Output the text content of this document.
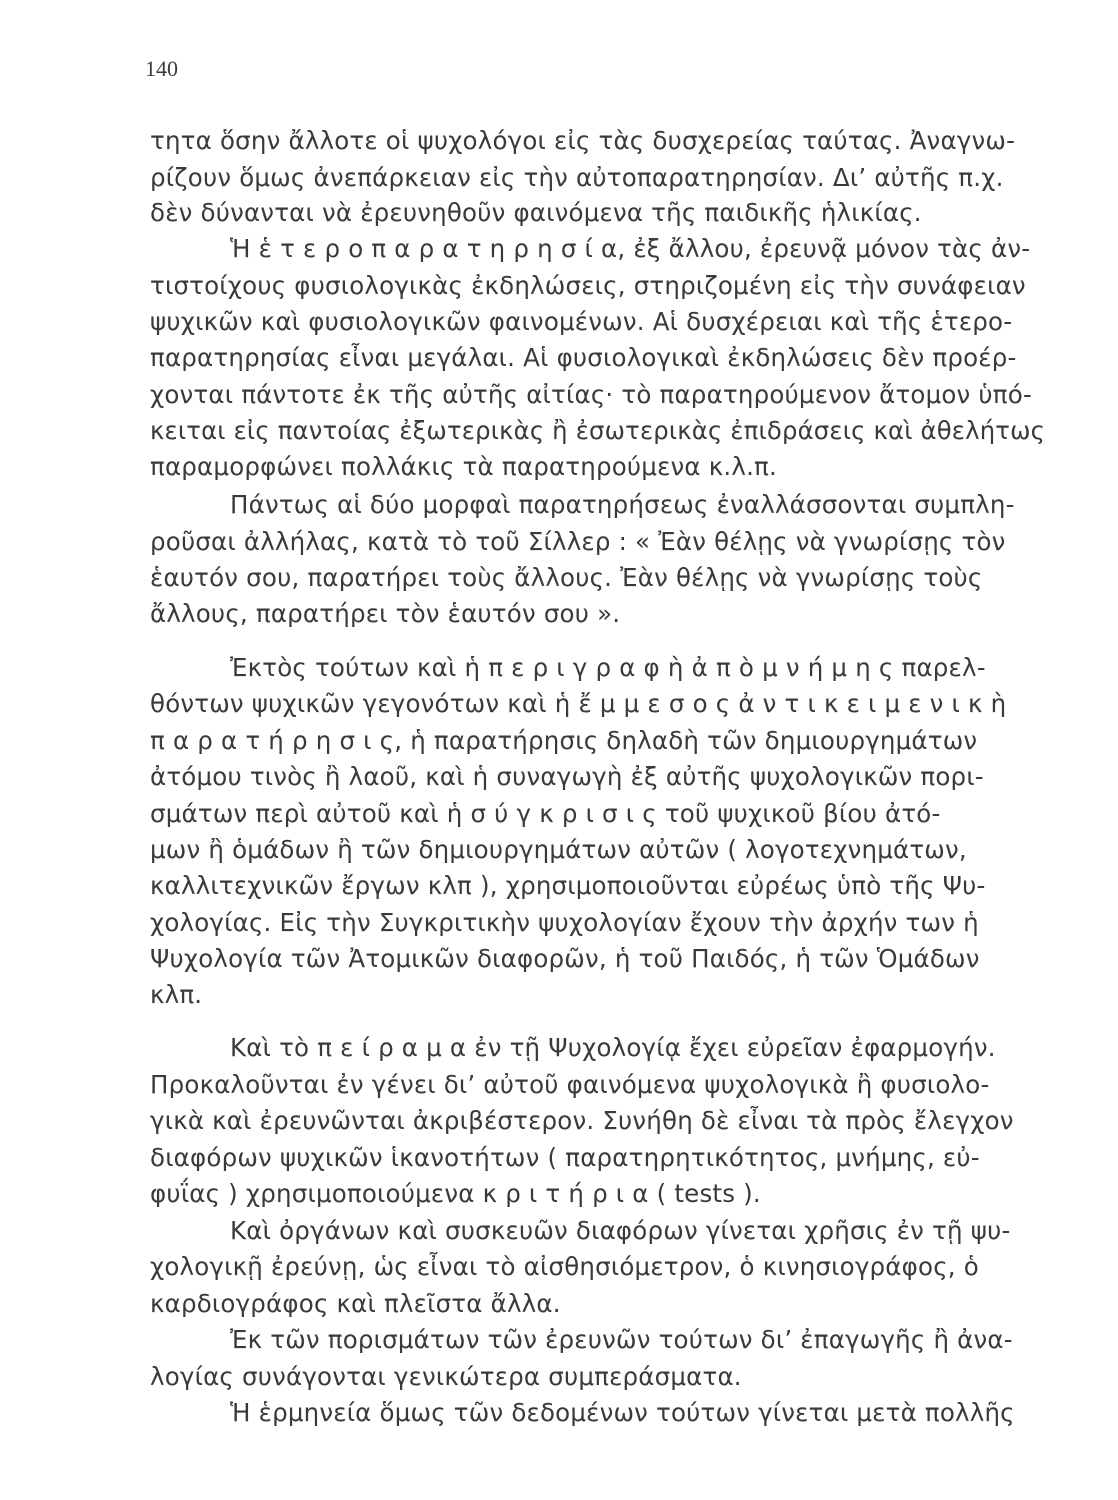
140
τητα ὅσην ἄλλοτε οἱ ψυχολόγοι εἰς τὰς δυσχερείας ταύτας. Ἀναγνω-
ρίζουν ὅμως ἀνεπάρκειαν εἰς τὴν αὐτοπαρατηρησίαν. Δι’ αὐτῆς π.χ.
δὲν δύνανται νὰ ἐρευνηθοῦν φαινόμενα τῆς παιδικῆς ἡλικίας.
Ἡ ἑ τ ε ρ ο π α ρ α τ η ρ η σ ί α, ἐξ ἄλλου, ἐρευνᾷ μόνον τὰς ἀν-
τιστοίχους φυσιολογικὰς ἐκδηλώσεις, στηριζομένη εἰς τὴν συνάφειαν
ψυχικῶν καὶ φυσιολογικῶν φαινομένων. Αἱ δυσχέρειαι καὶ τῆς ἑτερο-
παρατηρησίας εἶναι μεγάλαι. Αἱ φυσιολογικαὶ ἐκδηλώσεις δὲν προέρ-
χονται πάντοτε ἐκ τῆς αὐτῆς αἰτίας· τὸ παρατηρούμενον ἄτομον ὑπό-
κειται εἰς παντοίας ἐξωτερικὰς ἢ ἐσωτερικὰς ἐπιδράσεις καὶ ἀθελήτως
παραμορφώνει πολλάκις τὰ παρατηρούμενα κ.λ.π.
Πάντως αἱ δύο μορφαὶ παρατηρήσεως ἐναλλάσσονται συμπλη-
ροῦσαι ἀλλήλας, κατὰ τὸ τοῦ Σίλλερ : « Ἐὰν θέλῃς νὰ γνωρίσῃς τὸν
ἑαυτόν σου, παρατήρει τοὺς ἄλλους. Ἐὰν θέλῃς νὰ γνωρίσῃς τοὺς
ἄλλους, παρατήρει τὸν ἑαυτόν σου ».
Ἐκτὸς τούτων καὶ ἡ π ε ρ ι γ ρ α φ ὴ ἀ π ὸ μ ν ή μ η ς παρελ-
θόντων ψυχικῶν γεγονότων καὶ ἡ ἔ μ μ ε σ ο ς ἀ ν τ ι κ ε ι μ ε ν ι κ ὴ
π α ρ α τ ή ρ η σ ι ς, ἡ παρατήρησις δηλαδὴ τῶν δημιουργημάτων
ἀτόμου τινὸς ἢ λαοῦ, καὶ ἡ συναγωγὴ ἐξ αὐτῆς ψυχολογικῶν πορι-
σμάτων περὶ αὐτοῦ καὶ ἡ σ ύ γ κ ρ ι σ ι ς τοῦ ψυχικοῦ βίου ἀτό-
μων ἢ ὁμάδων ἢ τῶν δημιουργημάτων αὐτῶν ( λογοτεχνημάτων,
καλλιτεχνικῶν ἔργων κλπ ), χρησιμοποιοῦνται εὐρέως ὑπὸ τῆς Ψυ-
χολογίας. Εἰς τὴν Συγκριτικὴν ψυχολογίαν ἔχουν τὴν ἀρχήν των ἡ
Ψυχολογία τῶν Ἀτομικῶν διαφορῶν, ἡ τοῦ Παιδός, ἡ τῶν Ὁμάδων
κλπ.
Καὶ τὸ π ε ί ρ α μ α ἐν τῇ Ψυχολογίᾳ ἔχει εὐρεῖαν ἐφαρμογήν.
Προκαλοῦνται ἐν γένει δι’ αὐτοῦ φαινόμενα ψυχολογικὰ ἢ φυσιολο-
γικὰ καὶ ἐρευνῶνται ἀκριβέστερον. Συνήθη δὲ εἶναι τὰ πρὸς ἔλεγχον
διαφόρων ψυχικῶν ἱκανοτήτων ( παρατηρητικότητος, μνήμης, εὐ-
φυΐας ) χρησιμοποιούμενα κ ρ ι τ ή ρ ι α ( tests ).
Καὶ ὀργάνων καὶ συσκευῶν διαφόρων γίνεται χρῆσις ἐν τῇ ψυ-
χολογικῇ ἐρεύνῃ, ὡς εἶναι τὸ αἰσθησιόμετρον, ὁ κινησιογράφος, ὁ
καρδιογράφος καὶ πλεῖστα ἄλλα.
Ἐκ τῶν πορισμάτων τῶν ἐρευνῶν τούτων δι’ ἐπαγωγῆς ἢ ἀνα-
λογίας συνάγονται γενικώτερα συμπεράσματα.
Ἡ ἑρμηνεία ὅμως τῶν δεδομένων τούτων γίνεται μετὰ πολλῆς
